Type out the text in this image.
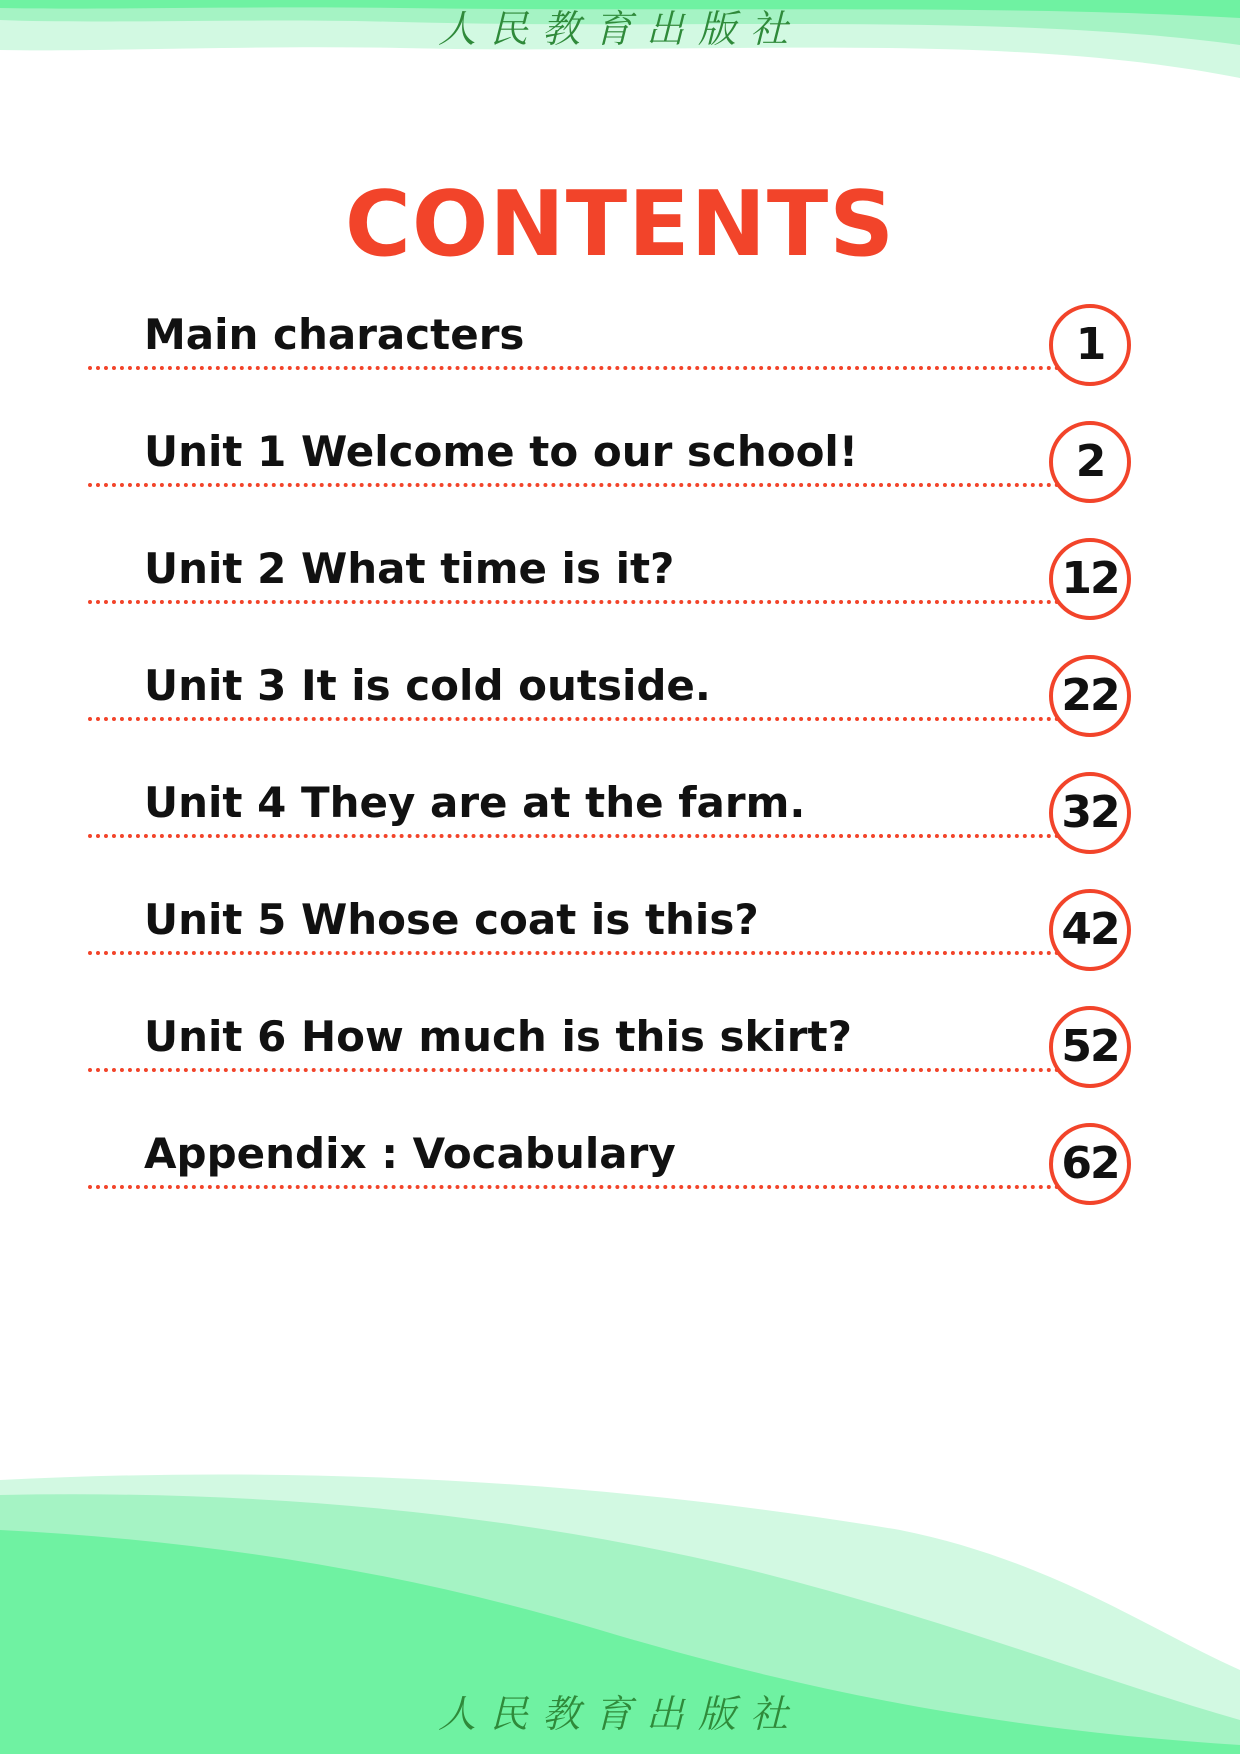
人民教育出版社
CONTENTS
Main characters	1
Unit 1 Welcome to our school!	2
Unit 2 What time is it?	12
Unit 3 It is cold outside.	22
Unit 4 They are at the farm.	32
Unit 5 Whose coat is this?	42
Unit 6 How much is this skirt?	52
Appendix : Vocabulary	62
人民教育出版社
